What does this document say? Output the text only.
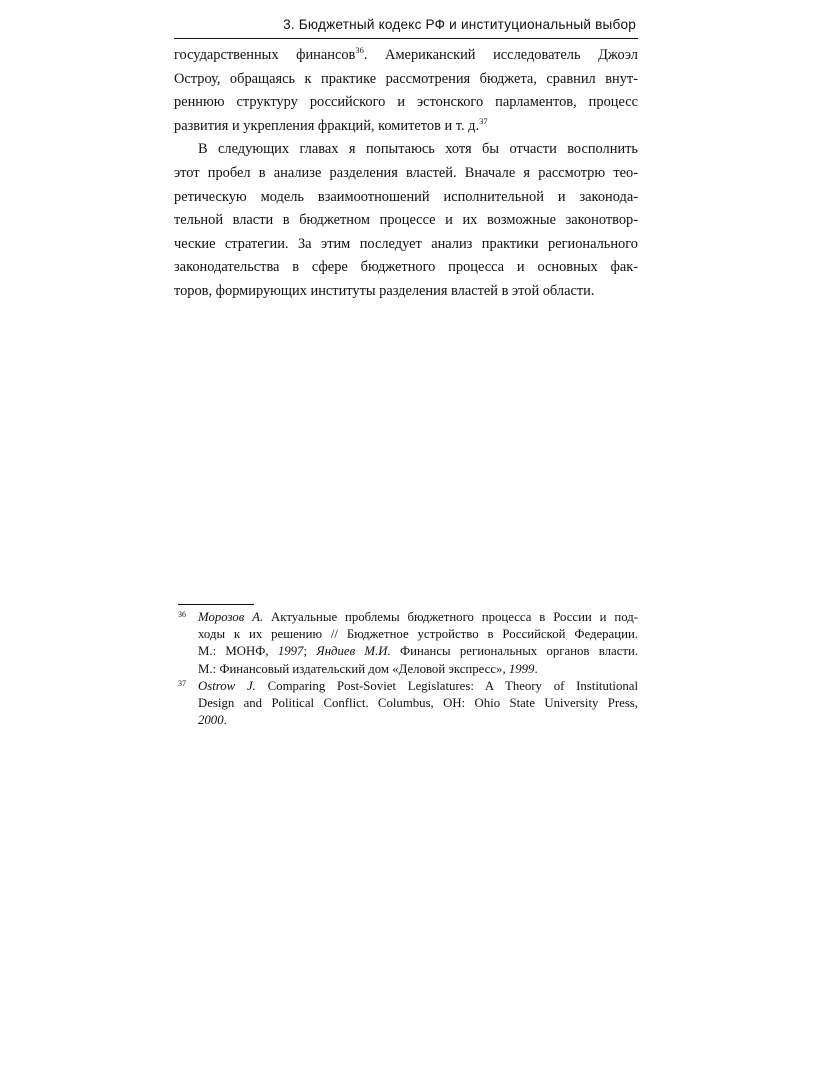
3. Бюджетный кодекс РФ и институциональный выбор
государственных финансов$^{36}$. Американский исследователь Джоэл
Остроу, обращаясь к практике рассмотрения бюджета, сравнил внут-
реннюю структуру российского и эстонского парламентов, процесс
развития и укрепления фракций, комитетов и т. д.$^{37}$
В следующих главах я попытаюсь хотя бы отчасти восполнить
этот пробел в анализе разделения властей. Вначале я рассмотрю тео-
ретическую модель взаимоотношений исполнительной и законода-
тельной власти в бюджетном процессе и их возможные законотвор-
ческие стратегии. За этим последует анализ практики регионального
законодательства в сфере бюджетного процесса и основных фак-
торов, формирующих институты разделения властей в этой области.
36 Морозов А. Актуальные проблемы бюджетного процесса в России и под-
ходы к их решению // Бюджетное устройство в Российской Федерации.
М.: МОНФ, 1997; Яндиев М.И. Финансы региональных органов власти.
М.: Финансовый издательский дом «Деловой экспресс», 1999.
37 Ostrow J. Comparing Post-Soviet Legislatures: A Theory of Institutional
Design and Political Conflict. Columbus, OH: Ohio State University Press,
2000.
